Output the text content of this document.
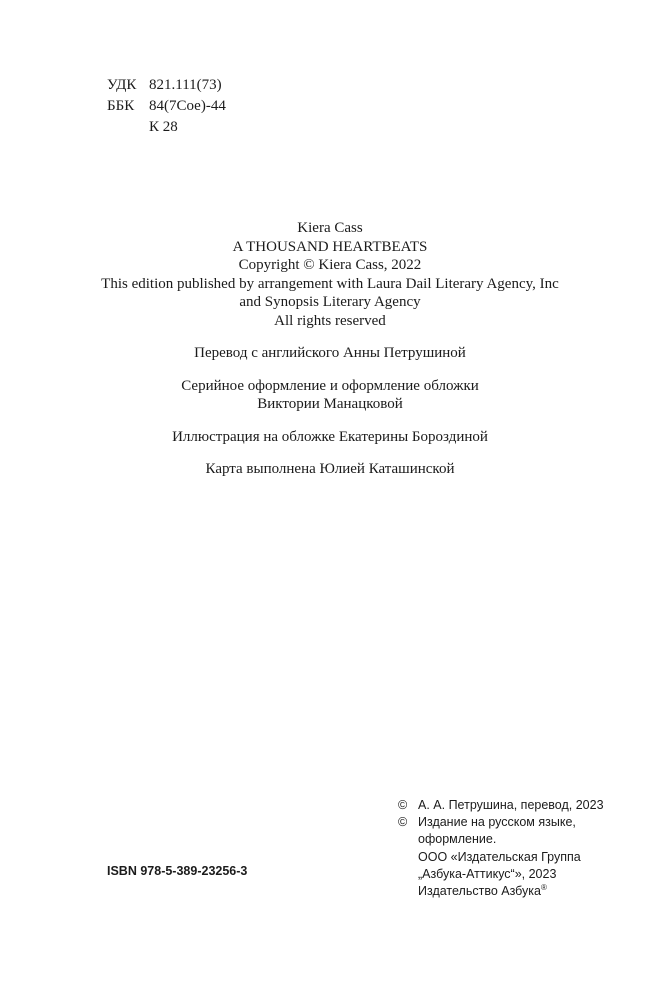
УДК 821.111(73)
ББК 84(7Сое)-44
К 28
Kiera Cass
A THOUSAND HEARTBEATS
Copyright © Kiera Cass, 2022
This edition published by arrangement with Laura Dail Literary Agency, Inc
and Synopsis Literary Agency
All rights reserved
Перевод с английского Анны Петрушиной
Серийное оформление и оформление обложки
Виктории Манацковой
Иллюстрация на обложке Екатерины Бороздиной
Карта выполнена Юлией Каташинской
© А. А. Петрушина, перевод, 2023
© Издание на русском языке,
оформление.
ООО «Издательская Группа
„Азбука-Аттикус“», 2023
Издательство Азбука®
ISBN 978-5-389-23256-3
